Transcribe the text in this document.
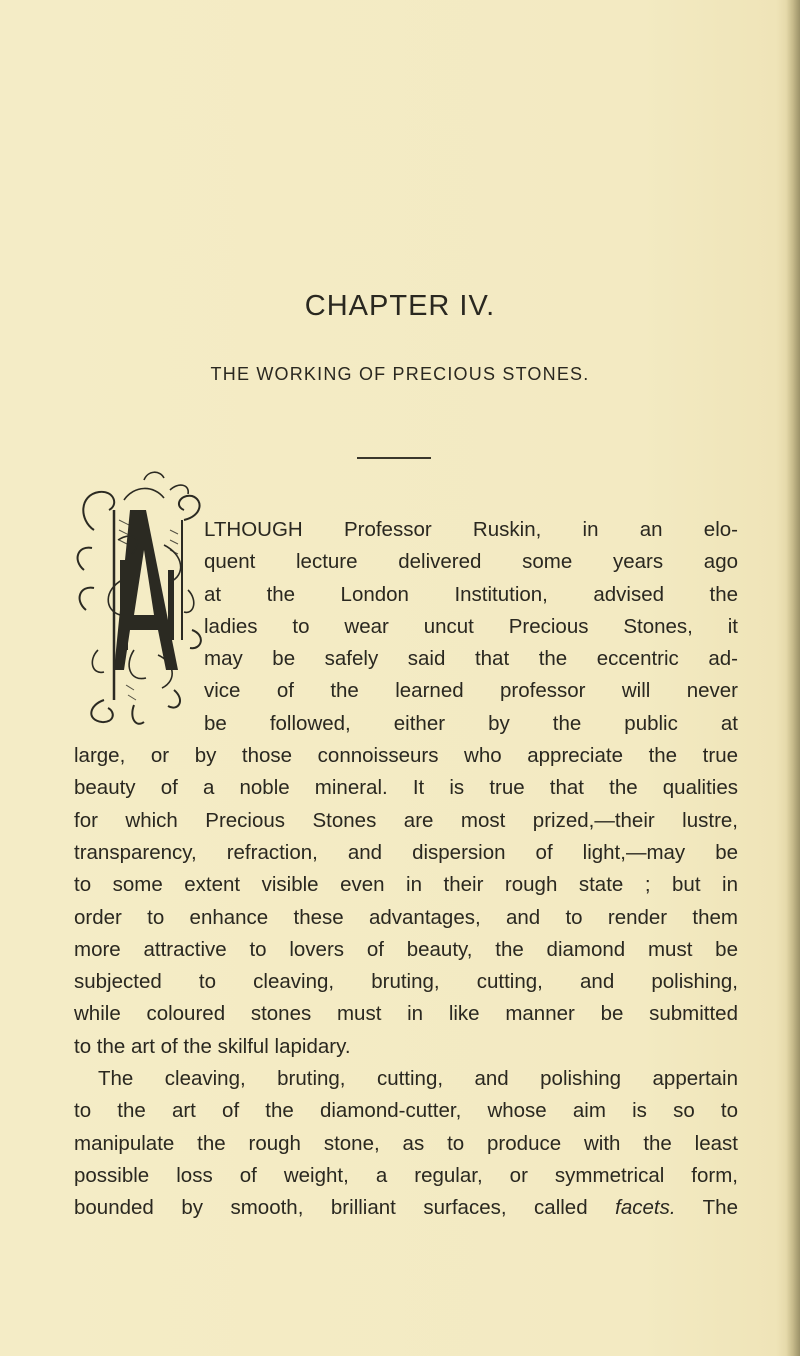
CHAPTER IV.
THE WORKING OF PRECIOUS STONES.
LTHOUGH Professor Ruskin, in an elo-
quent lecture delivered some years ago
at the London Institution, advised the
ladies to wear uncut Precious Stones, it
may be safely said that the eccentric ad-
vice of the learned professor will never
be followed, either by the public at
large, or by those connoisseurs who appreciate the true
beauty of a noble mineral. It is true that the qualities
for which Precious Stones are most prized,—their lustre,
transparency, refraction, and dispersion of light,—may be
to some extent visible even in their rough state ; but in
order to enhance these advantages, and to render them
more attractive to lovers of beauty, the diamond must be
subjected to cleaving, bruting, cutting, and polishing,
while coloured stones must in like manner be submitted
to the art of the skilful lapidary.
The cleaving, bruting, cutting, and polishing appertain
to the art of the diamond-cutter, whose aim is so to
manipulate the rough stone, as to produce with the least
possible loss of weight, a regular, or symmetrical form,
bounded by smooth, brilliant surfaces, called facets. The
